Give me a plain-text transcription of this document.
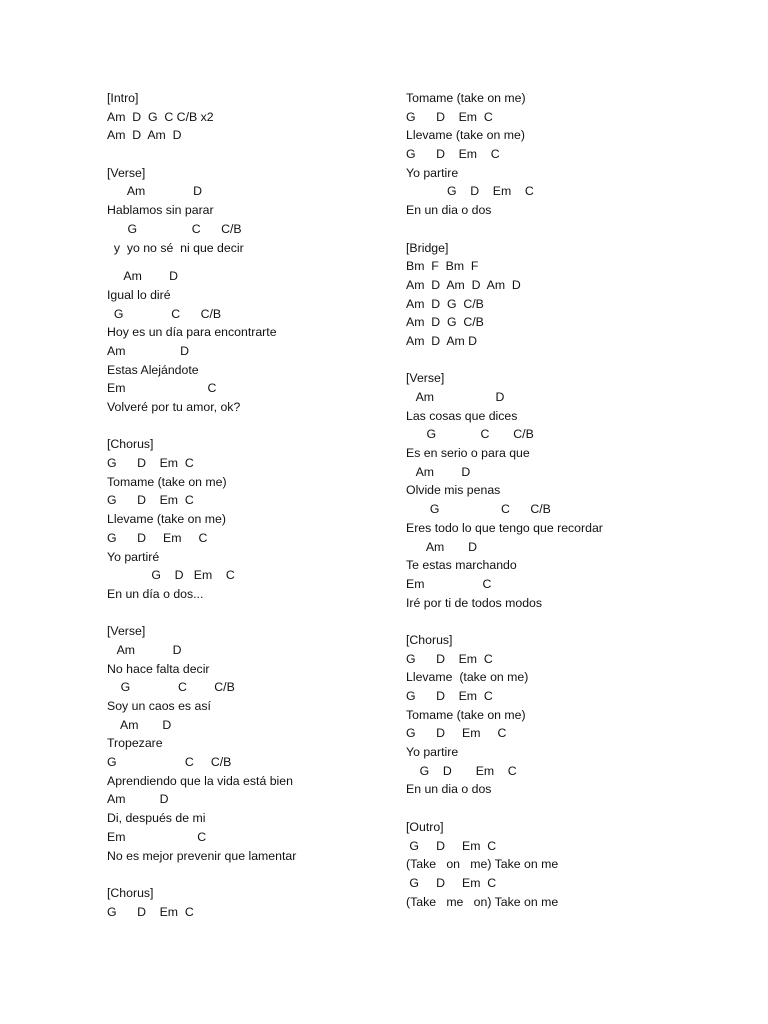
[Intro]
Am  D  G  C C/B x2
Am  D  Am  D
[Verse]
Am              D
Hablamos sin parar
G                C      C/B
y  yo no sé  ni que decir
Am        D
Igual lo diré
G              C      C/B
Hoy es un día para encontrarte
Am                D
Estas Alejándote
Em                        C
Volveré por tu amor, ok?
[Chorus]
G      D    Em  C
Tomame (take on me)
G      D    Em  C
Llevame (take on me)
G      D     Em     C
Yo partiré
G    D   Em    C
En un día o dos...
[Verse]
Am           D
No hace falta decir
G              C        C/B
Soy un caos es así
Am       D
Tropezare
G                    C     C/B
Aprendiendo que la vida está bien
Am          D
Di, después de mi
Em                     C
No es mejor prevenir que lamentar
[Chorus]
G      D    Em  C
Tomame (take on me)
G      D    Em  C
Llevame (take on me)
G      D    Em    C
Yo partire
G    D    Em    C
En un dia o dos
[Bridge]
Bm  F  Bm  F
Am  D  Am  D  Am  D
Am  D  G  C/B
Am  D  G  C/B
Am  D  Am D
[Verse]
Am                  D
Las cosas que dices
G             C       C/B
Es en serio o para que
Am        D
Olvide mis penas
G                  C      C/B
Eres todo lo que tengo que recordar
Am       D
Te estas marchando
Em                 C
Iré por ti de todos modos
[Chorus]
G      D    Em  C
Llevame  (take on me)
G      D    Em  C
Tomame (take on me)
G      D     Em     C
Yo partire
G    D       Em    C
En un dia o dos
[Outro]
G     D     Em  C
(Take   on   me) Take on me
G     D     Em  C
(Take   me   on) Take on me
